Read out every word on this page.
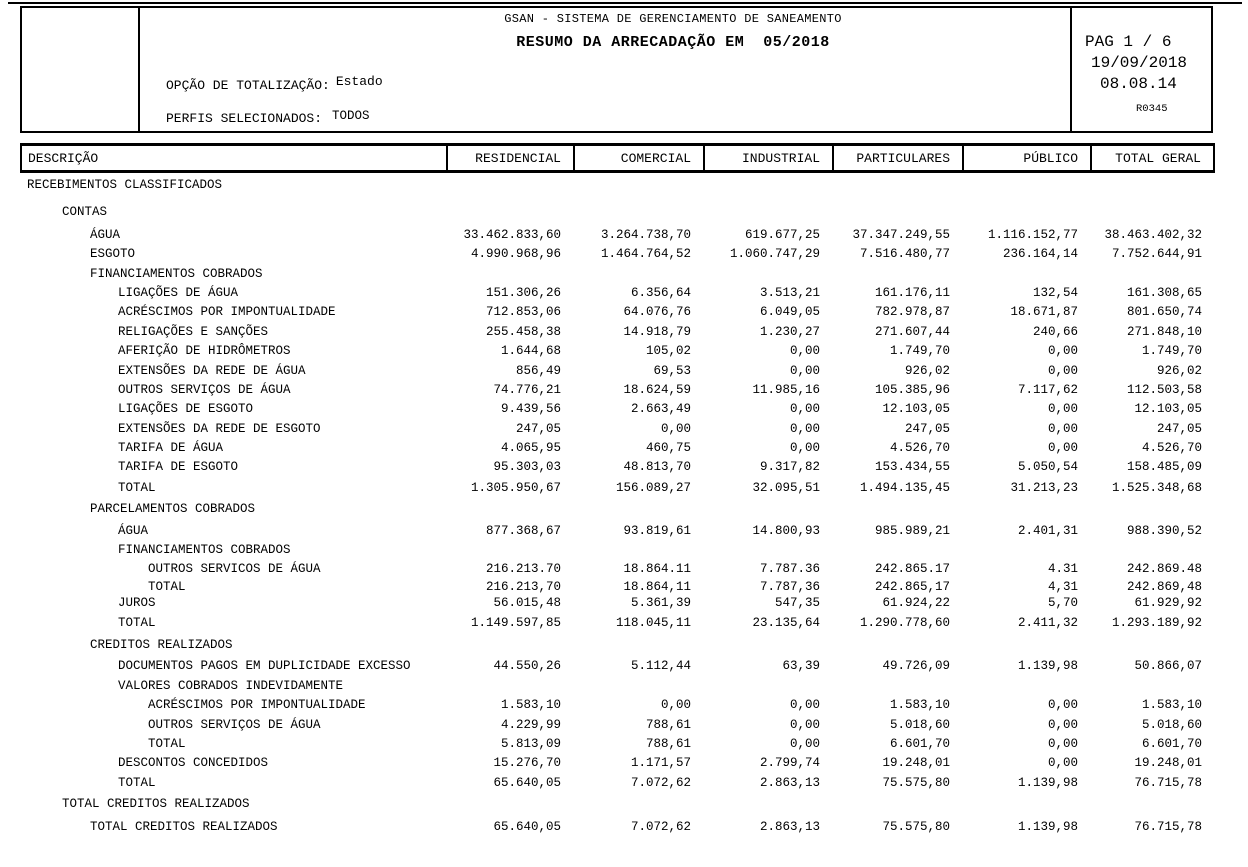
GSAN - SISTEMA DE GERENCIAMENTO DE SANEAMENTO
RESUMO DA ARRECADAÇÃO EM  05/2018
OPÇÃO DE TOTALIZAÇÃO: Estado
PERFIS SELECIONADOS: TODOS
PAG 1 / 6
19/09/2018
08.08.14
R0345
DESCRIÇÃO	RESIDENCIAL	COMERCIAL	INDUSTRIAL	PARTICULARES	PÚBLICO	TOTAL GERAL
RECEBIMENTOS CLASSIFICADOS
CONTAS
ÁGUA	33.462.833,60	3.264.738,70	619.677,25	37.347.249,55	1.116.152,77	38.463.402,32
ESGOTO	4.990.968,96	1.464.764,52	1.060.747,29	7.516.480,77	236.164,14	7.752.644,91
FINANCIAMENTOS COBRADOS
LIGAÇÕES DE ÁGUA	151.306,26	6.356,64	3.513,21	161.176,11	132,54	161.308,65
ACRÉSCIMOS POR IMPONTUALIDADE	712.853,06	64.076,76	6.049,05	782.978,87	18.671,87	801.650,74
RELIGAÇÕES E SANÇÕES	255.458,38	14.918,79	1.230,27	271.607,44	240,66	271.848,10
AFERIÇÃO DE HIDRÔMETROS	1.644,68	105,02	0,00	1.749,70	0,00	1.749,70
EXTENSÕES DA REDE DE ÁGUA	856,49	69,53	0,00	926,02	0,00	926,02
OUTROS SERVIÇOS DE ÁGUA	74.776,21	18.624,59	11.985,16	105.385,96	7.117,62	112.503,58
LIGAÇÕES DE ESGOTO	9.439,56	2.663,49	0,00	12.103,05	0,00	12.103,05
EXTENSÕES DA REDE DE ESGOTO	247,05	0,00	0,00	247,05	0,00	247,05
TARIFA DE ÁGUA	4.065,95	460,75	0,00	4.526,70	0,00	4.526,70
TARIFA DE ESGOTO	95.303,03	48.813,70	9.317,82	153.434,55	5.050,54	158.485,09
TOTAL	1.305.950,67	156.089,27	32.095,51	1.494.135,45	31.213,23	1.525.348,68
PARCELAMENTOS COBRADOS
ÁGUA	877.368,67	93.819,61	14.800,93	985.989,21	2.401,31	988.390,52
FINANCIAMENTOS COBRADOS
OUTROS SERVICOS DE ÁGUA	216.213.70	18.864.11	7.787.36	242.865.17	4.31	242.869.48
TOTAL	216.213,70	18.864,11	7.787,36	242.865,17	4,31	242.869,48
JUROS	56.015,48	5.361,39	547,35	61.924,22	5,70	61.929,92
TOTAL	1.149.597,85	118.045,11	23.135,64	1.290.778,60	2.411,32	1.293.189,92
CREDITOS REALIZADOS
DOCUMENTOS PAGOS EM DUPLICIDADE EXCESSO	44.550,26	5.112,44	63,39	49.726,09	1.139,98	50.866,07
VALORES COBRADOS INDEVIDAMENTE
ACRÉSCIMOS POR IMPONTUALIDADE	1.583,10	0,00	0,00	1.583,10	0,00	1.583,10
OUTROS SERVIÇOS DE ÁGUA	4.229,99	788,61	0,00	5.018,60	0,00	5.018,60
TOTAL	5.813,09	788,61	0,00	6.601,70	0,00	6.601,70
DESCONTOS CONCEDIDOS	15.276,70	1.171,57	2.799,74	19.248,01	0,00	19.248,01
TOTAL	65.640,05	7.072,62	2.863,13	75.575,80	1.139,98	76.715,78
TOTAL CREDITOS REALIZADOS
TOTAL CREDITOS REALIZADOS	65.640,05	7.072,62	2.863,13	75.575,80	1.139,98	76.715,78
